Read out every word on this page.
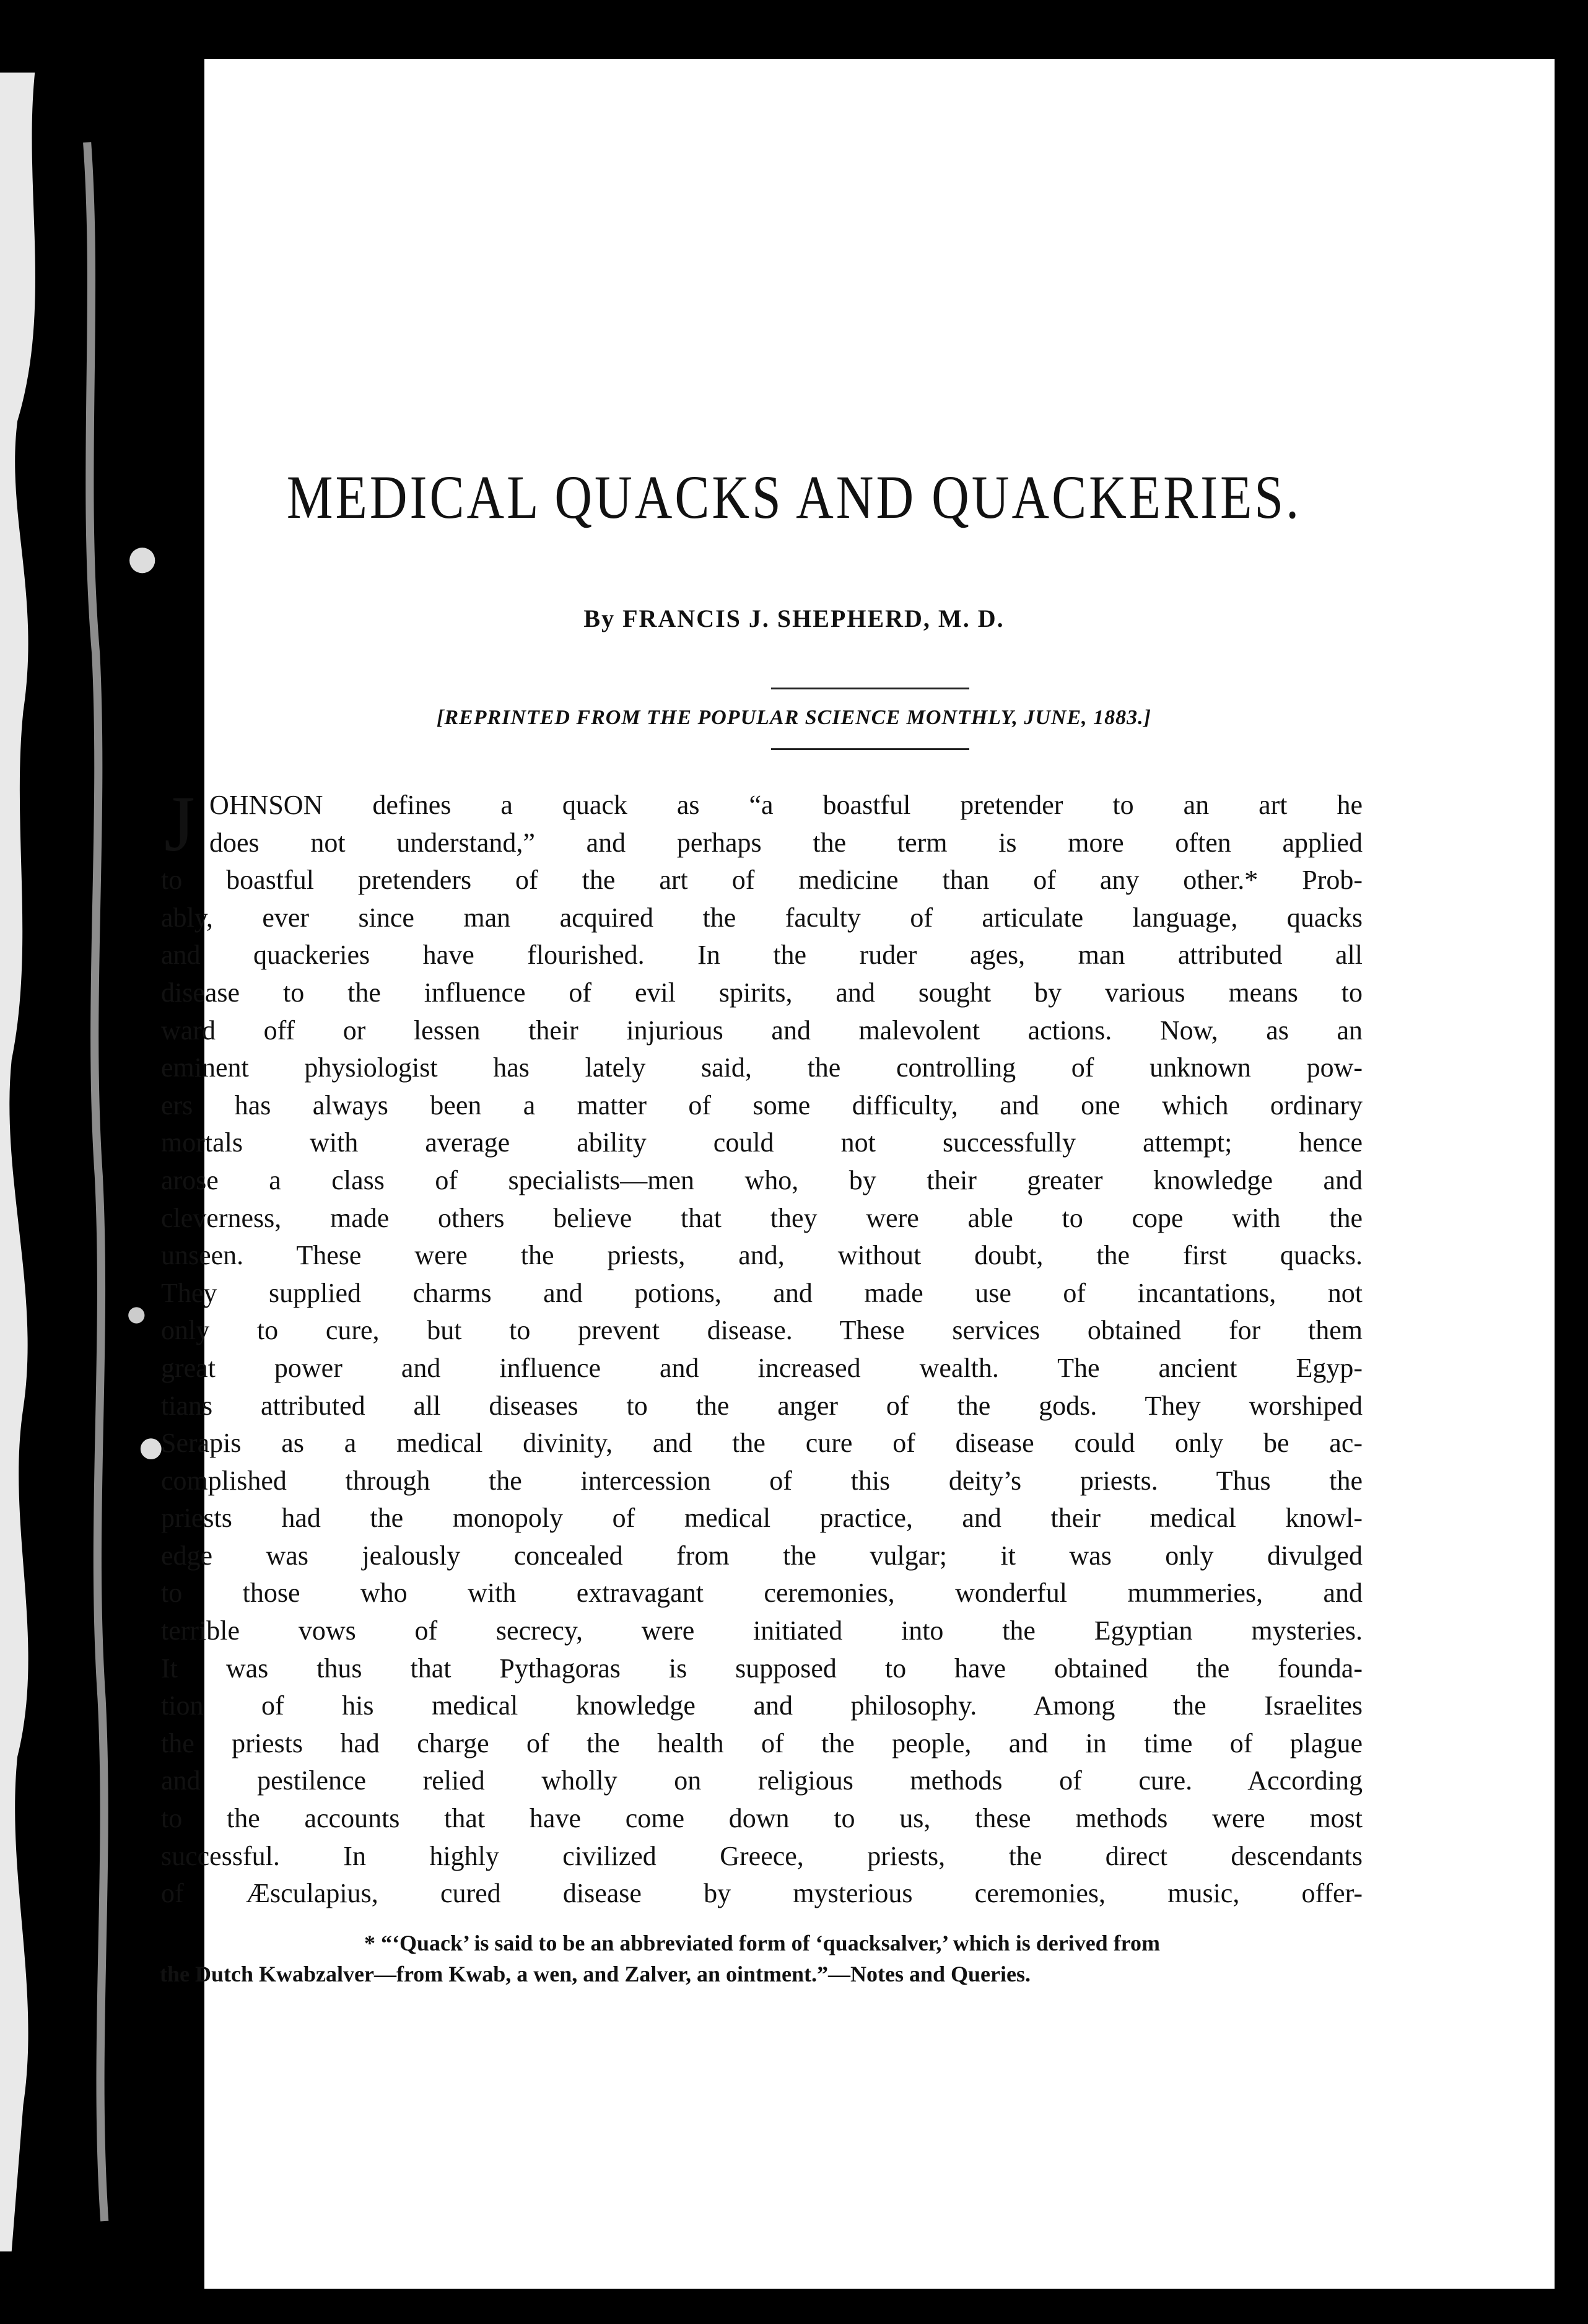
MEDICAL QUACKS AND QUACKERIES.
By FRANCIS J. SHEPHERD, M. D.
[REPRINTED FROM THE POPULAR SCIENCE MONTHLY, JUNE, 1883.]
J OHNSON defines a quack as “a boastful pretender to an art he
does not understand,” and perhaps the term is more often applied
to boastful pretenders of the art of medicine than of any other.* Prob-
ably, ever since man acquired the faculty of articulate language, quacks
and quackeries have flourished. In the ruder ages, man attributed all
disease to the influence of evil spirits, and sought by various means to
ward off or lessen their injurious and malevolent actions. Now, as an
eminent physiologist has lately said, the controlling of unknown pow-
ers has always been a matter of some difficulty, and one which ordinary
mortals with average ability could not successfully attempt; hence
arose a class of specialists—men who, by their greater knowledge and
cleverness, made others believe that they were able to cope with the
unseen. These were the priests, and, without doubt, the first quacks.
They supplied charms and potions, and made use of incantations, not
only to cure, but to prevent disease. These services obtained for them
great power and influence and increased wealth. The ancient Egyp-
tians attributed all diseases to the anger of the gods. They worshiped
Serapis as a medical divinity, and the cure of disease could only be ac-
complished through the intercession of this deity’s priests. Thus the
priests had the monopoly of medical practice, and their medical knowl-
edge was jealously concealed from the vulgar; it was only divulged
to those who with extravagant ceremonies, wonderful mummeries, and
terrible vows of secrecy, were initiated into the Egyptian mysteries.
It was thus that Pythagoras is supposed to have obtained the founda-
tion of his medical knowledge and philosophy. Among the Israelites
the priests had charge of the health of the people, and in time of plague
and pestilence relied wholly on religious methods of cure. According
to the accounts that have come down to us, these methods were most
successful. In highly civilized Greece, priests, the direct descendants
of Æsculapius, cured disease by mysterious ceremonies, music, offer-
* “‘Quack’ is said to be an abbreviated form of ‘quacksalver,’ which is derived from
the Dutch Kwabzalver—from Kwab, a wen, and Zalver, an ointment.”—Notes and Queries.
